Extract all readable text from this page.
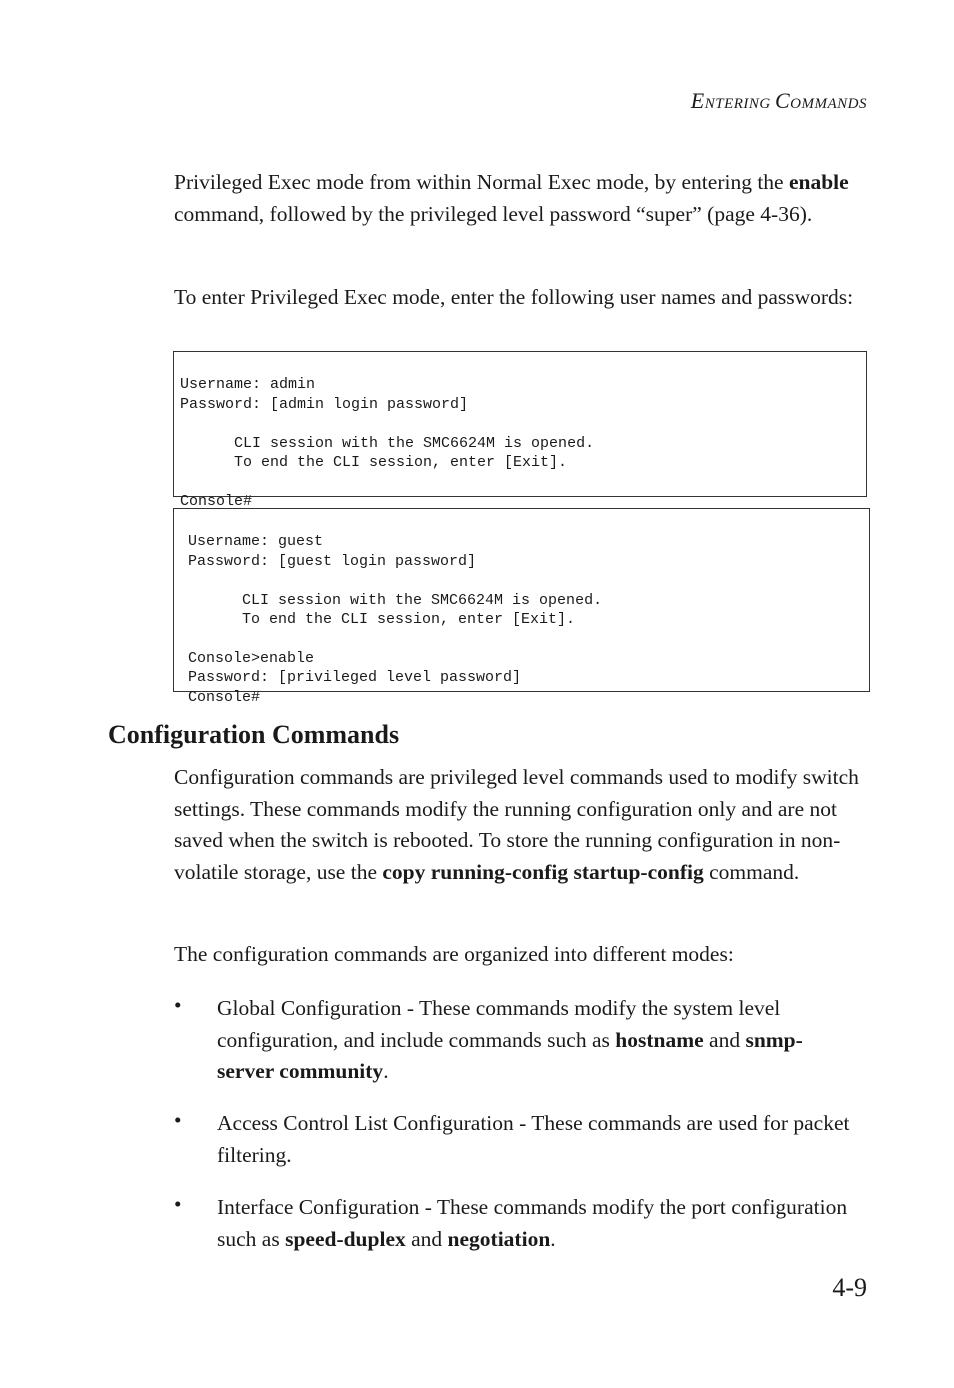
ENTERING COMMANDS

Privileged Exec mode from within Normal Exec mode, by entering the enable command, followed by the privileged level password “super” (page 4-36).

To enter Privileged Exec mode, enter the following user names and passwords:

Username: admin
Password: [admin login password]
CLI session with the SMC6624M is opened.
To end the CLI session, enter [Exit].
Console#

Username: guest
Password: [guest login password]
CLI session with the SMC6624M is opened.
To end the CLI session, enter [Exit].
Console>enable
Password: [privileged level password]
Console#

Configuration Commands

Configuration commands are privileged level commands used to modify switch settings. These commands modify the running configuration only and are not saved when the switch is rebooted. To store the running configuration in non-volatile storage, use the copy running-config startup-config command.

The configuration commands are organized into different modes:

• Global Configuration - These commands modify the system level configuration, and include commands such as hostname and snmp-server community.

• Access Control List Configuration - These commands are used for packet filtering.

• Interface Configuration - These commands modify the port configuration such as speed-duplex and negotiation.

4-9
